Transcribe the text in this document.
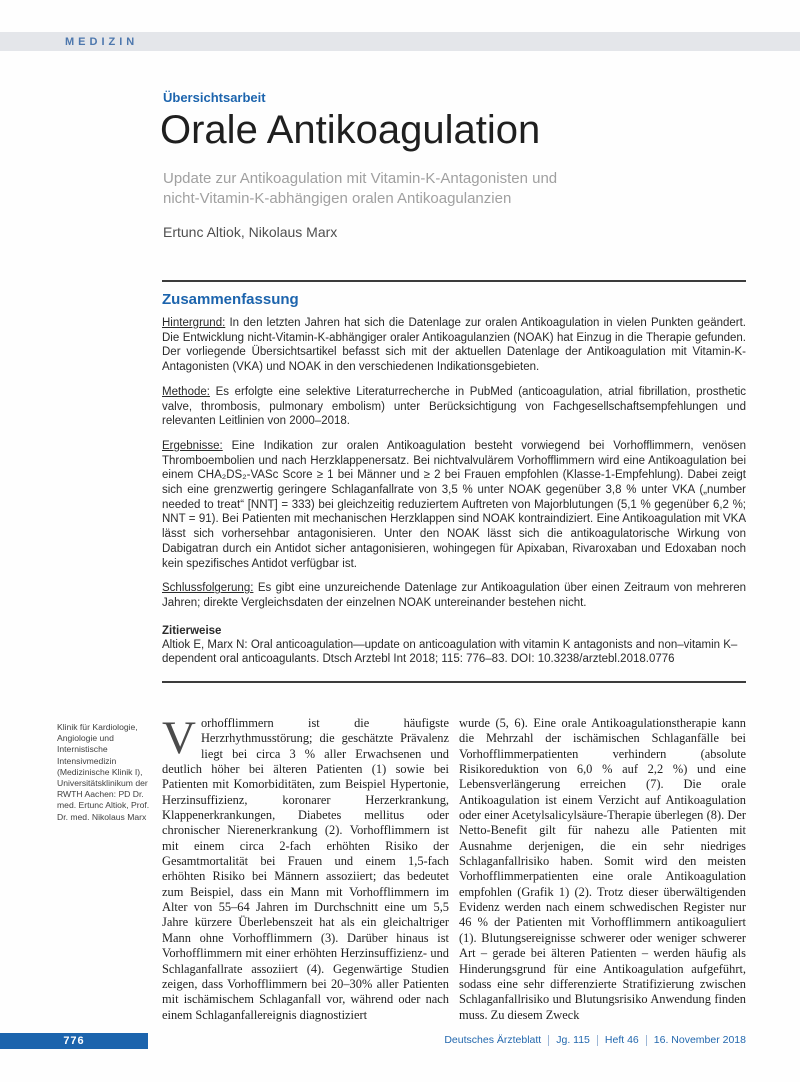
MEDIZIN
Übersichtsarbeit
Orale Antikoagulation
Update zur Antikoagulation mit Vitamin-K-Antagonisten und
nicht-Vitamin-K-abhängigen oralen Antikoagulanzien
Ertunc Altiok, Nikolaus Marx
Zusammenfassung

Hintergrund: In den letzten Jahren hat sich die Datenlage zur oralen Antikoagulation in vielen Punkten geändert. Die Entwicklung nicht-Vitamin-K-abhängiger oraler Antikoagulanzien (NOAK) hat Einzug in die Therapie gefunden. Der vorliegende Übersichtsartikel befasst sich mit der aktuellen Datenlage der Antikoagulation mit Vitamin-K-Antagonisten (VKA) und NOAK in den verschiedenen Indikationsgebieten.

Methode: Es erfolgte eine selektive Literaturrecherche in PubMed (anticoagulation, atrial fibrillation, prosthetic valve, thrombosis, pulmonary embolism) unter Berücksichtigung von Fachgesellschaftsempfehlungen und relevanten Leitlinien von 2000–2018.

Ergebnisse: Eine Indikation zur oralen Antikoagulation besteht vorwiegend bei Vorhofflimmern, venösen Thromboembolien und nach Herzklappenersatz. Bei nichtvalvulärem Vorhofflimmern wird eine Antikoagulation bei einem CHA₂DS₂-VASc Score ≥ 1 bei Männer und ≥ 2 bei Frauen empfohlen (Klasse-1-Empfehlung). Dabei zeigt sich eine grenzwertig geringere Schlaganfallrate von 3,5 % unter NOAK gegenüber 3,8 % unter VKA („number needed to treat“ [NNT] = 333) bei gleichzeitig reduziertem Auftreten von Majorblutungen (5,1 % gegenüber 6,2 %; NNT = 91). Bei Patienten mit mechanischen Herzklappen sind NOAK kontraindiziert. Eine Antikoagulation mit VKA lässt sich vorhersehbar antagonisieren. Unter den NOAK lässt sich die antikoagulatorische Wirkung von Dabigatran durch ein Antidot sicher antagonisieren, wohingegen für Apixaban, Rivaroxaban und Edoxaban noch kein spezifisches Antidot verfügbar ist.

Schlussfolgerung: Es gibt eine unzureichende Datenlage zur Antikoagulation über einen Zeitraum von mehreren Jahren; direkte Vergleichsdaten der einzelnen NOAK untereinander bestehen nicht.

Zitierweise

Altiok E, Marx N: Oral anticoagulation—update on anticoagulation with vitamin K antagonists and non–vitamin K–dependent oral anticoagulants. Dtsch Arztebl Int 2018; 115: 776–83. DOI: 10.3238/arztebl.2018.0776

Klinik für Kardiologie, Angiologie und Internistische Intensivmedizin (Medizinische Klinik I), Universitätsklinikum der RWTH Aachen: PD Dr. med. Ertunc Altiok, Prof. Dr. med. Nikolaus Marx
Vorhofflimmern ist die häufigste Herzrhythmusstörung; die geschätzte Prävalenz liegt bei circa 3 % aller Erwachsenen und deutlich höher bei älteren Patienten (1) sowie bei Patienten mit Komorbiditäten, zum Beispiel Hypertonie, Herzinsuffizienz, koronarer Herzerkrankung, Klappenerkrankungen, Diabetes mellitus oder chronischer Nierenerkrankung (2). Vorhofflimmern ist mit einem circa 2-fach erhöhten Risiko der Gesamtmortalität bei Frauen und einem 1,5-fach erhöhten Risiko bei Männern assoziiert; das bedeutet zum Beispiel, dass ein Mann mit Vorhofflimmern im Alter von 55–64 Jahren im Durchschnitt eine um 5,5 Jahre kürzere Überlebenszeit hat als ein gleichaltriger Mann ohne Vorhofflimmern (3). Darüber hinaus ist Vorhofflimmern mit einer erhöhten Herzinsuffizienz- und Schlaganfallrate assoziiert (4). Gegenwärtige Studien zeigen, dass Vorhofflimmern bei 20–30% aller Patienten mit ischämischem Schlaganfall vor, während oder nach einem Schlaganfallereignis diagnostiziert
wurde (5, 6). Eine orale Antikoagulationstherapie kann die Mehrzahl der ischämischen Schlaganfälle bei Vorhofflimmerpatienten verhindern (absolute Risikoreduktion von 6,0 % auf 2,2 %) und eine Lebensverlängerung erreichen (7). Die orale Antikoagulation ist einem Verzicht auf Antikoagulation oder einer Acetylsalicylsäure-Therapie überlegen (8). Der Netto-Benefit gilt für nahezu alle Patienten mit Ausnahme derjenigen, die ein sehr niedriges Schlaganfallrisiko haben. Somit wird den meisten Vorhofflimmerpatienten eine orale Antikoagulation empfohlen (Grafik 1) (2). Trotz dieser überwältigenden Evidenz werden nach einem schwedischen Register nur 46 % der Patienten mit Vorhofflimmern antikoaguliert (1). Blutungsereignisse schwerer oder weniger schwerer Art – gerade bei älteren Patienten – werden häufig als Hinderungsgrund für eine Antikoagulation aufgeführt, sodass eine sehr differenzierte Stratifizierung zwischen Schlaganfallrisiko und Blutungsrisiko Anwendung finden muss. Zu diesem Zweck
776	Deutsches Ärzteblatt Jg. 115 Heft 46 16. November 2018
